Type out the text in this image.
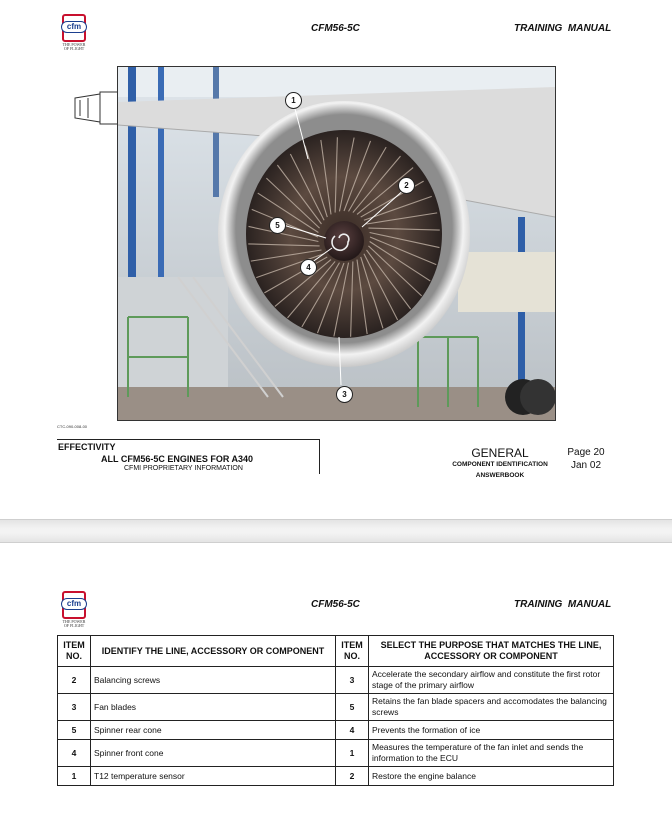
cfm
THE POWER OF FLIGHT
CFM56-5C	TRAINING  MANUAL
1
2
3
4
5
CTC-090-008-00
EFFECTIVITY
ALL CFM56-5C ENGINES FOR A340
CFMI PROPRIETARY INFORMATION
GENERAL
COMPONENT IDENTIFICATION
ANSWERBOOK
Page 20
Jan 02
cfm
THE POWER OF FLIGHT
CFM56-5C	TRAINING  MANUAL
ITEM NO.	IDENTIFY THE LINE, ACCESSORY OR COMPONENT	ITEM NO.	SELECT THE PURPOSE THAT MATCHES THE LINE, ACCESSORY OR COMPONENT
2	Balancing screws	3	Accelerate the secondary airflow and constitute the first rotor stage of the primary airflow
3	Fan blades	5	Retains the fan blade spacers and accomodates the balancing screws
5	Spinner rear cone	4	Prevents the formation of ice
4	Spinner front cone	1	Measures the temperature of the fan inlet and sends the information to the ECU
1	T12 temperature sensor	2	Restore the engine balance
